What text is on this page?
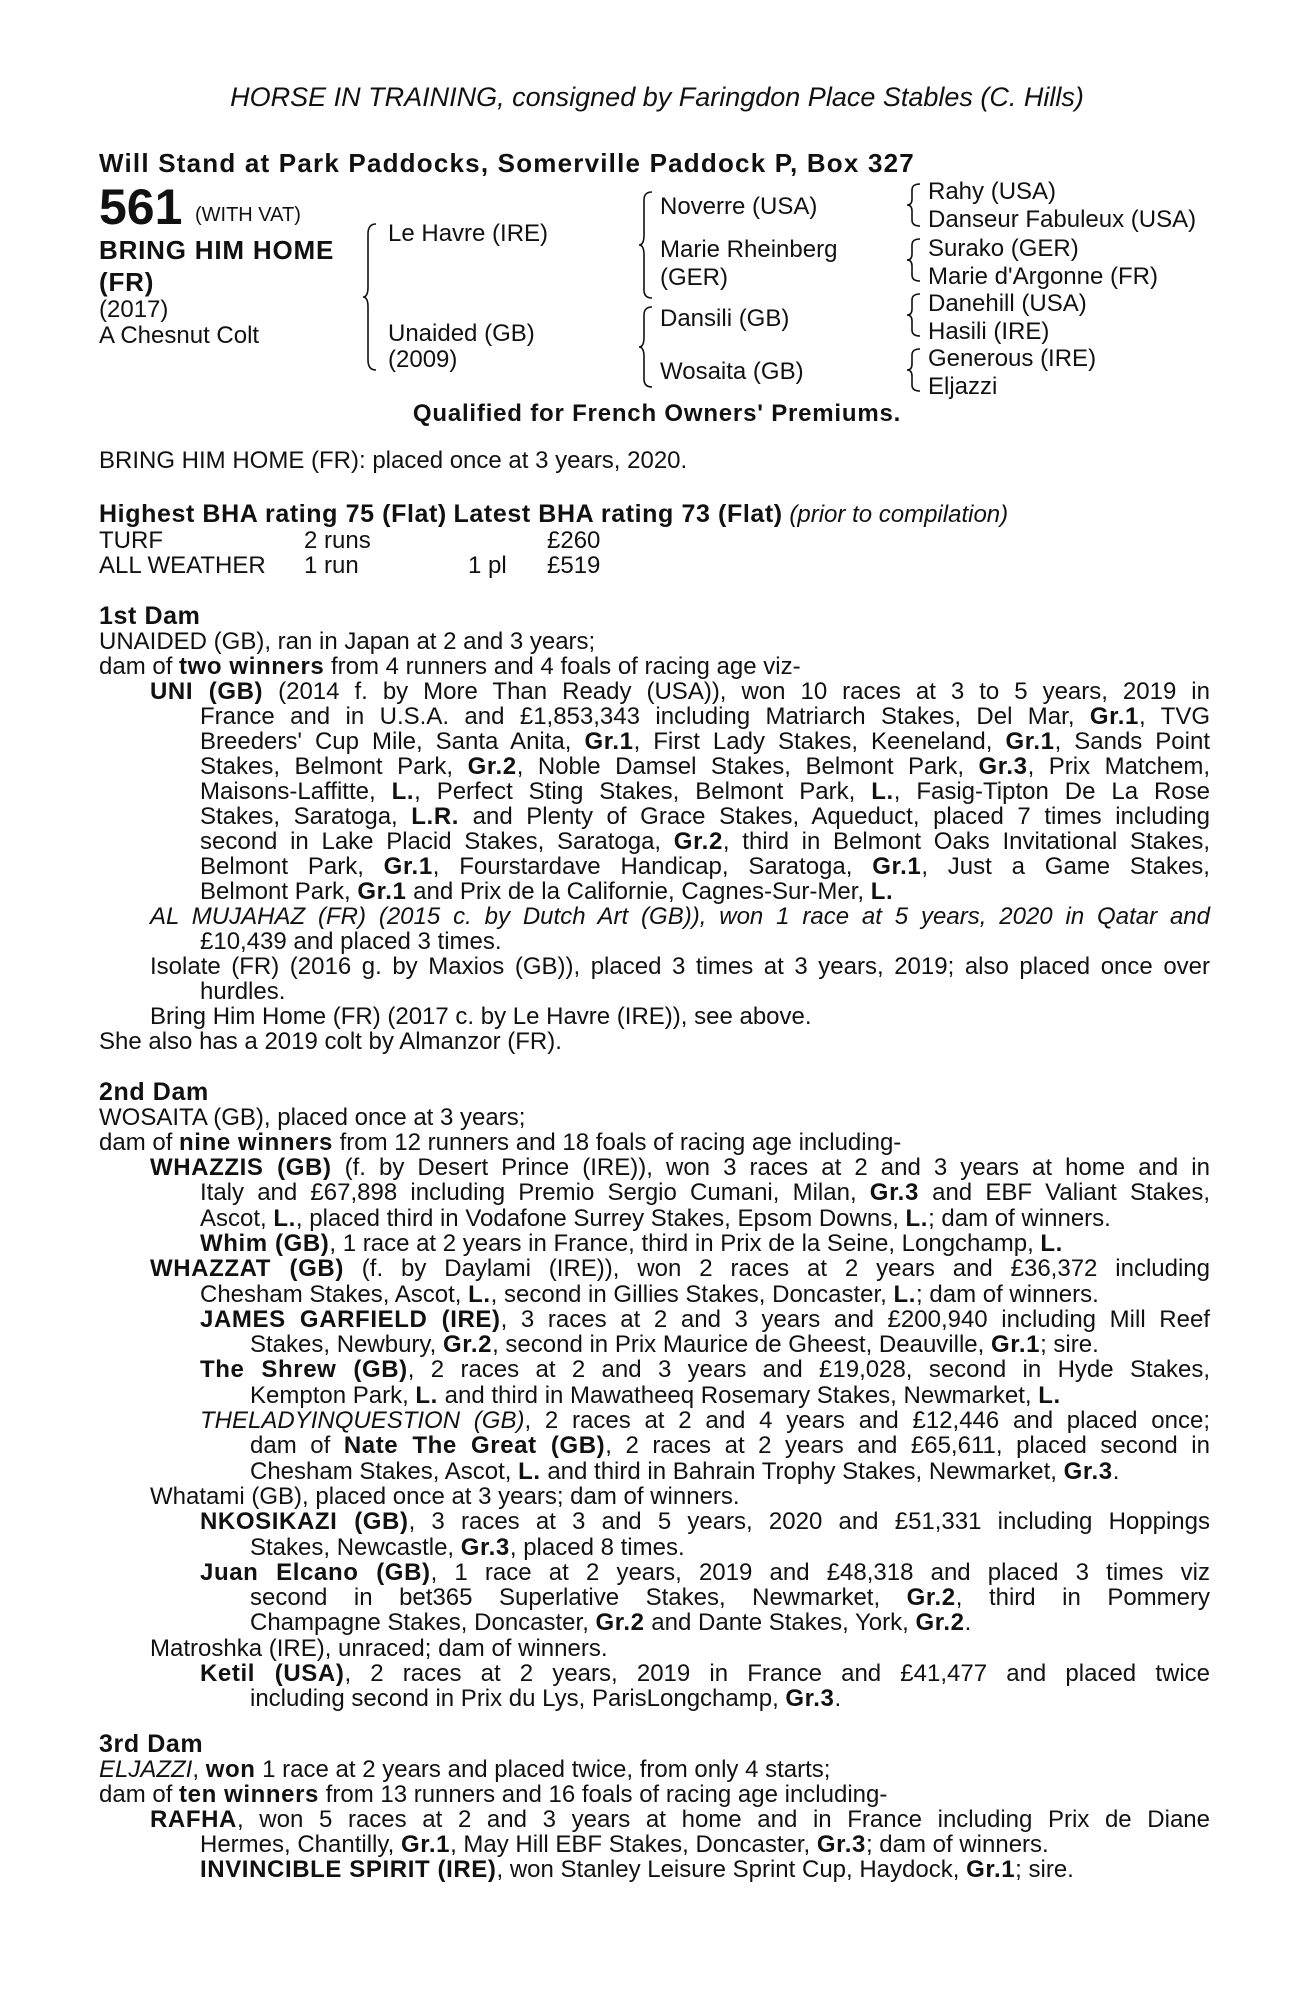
HORSE IN TRAINING, consigned by Faringdon Place Stables (C. Hills)
Will Stand at Park Paddocks, Somerville Paddock P, Box 327
561 (WITH VAT)
BRING HIM HOME
(FR)
(2017)
A Chesnut Colt
Le Havre (IRE)
Unaided (GB)
(2009)
Noverre (USA)
Marie Rheinberg
(GER)
Dansili (GB)
Wosaita (GB)
Rahy (USA)
Danseur Fabuleux (USA)
Surako (GER)
Marie d'Argonne (FR)
Danehill (USA)
Hasili (IRE)
Generous (IRE)
Eljazzi
Qualified for French Owners' Premiums.
BRING HIM HOME (FR): placed once at 3 years, 2020.
Highest BHA rating 75 (Flat) Latest BHA rating 73 (Flat) (prior to compilation)
TURF	2 runs	£260
ALL WEATHER 1 run	1 pl £519
1st Dam
UNAIDED (GB), ran in Japan at 2 and 3 years;
dam of two winners from 4 runners and 4 foals of racing age viz-
UNI (GB) (2014 f. by More Than Ready (USA)), won 10 races at 3 to 5 years, 2019 in
France and in U.S.A. and £1,853,343 including Matriarch Stakes, Del Mar, Gr.1, TVG
Breeders' Cup Mile, Santa Anita, Gr.1, First Lady Stakes, Keeneland, Gr.1, Sands Point
Stakes, Belmont Park, Gr.2, Noble Damsel Stakes, Belmont Park, Gr.3, Prix Matchem,
Maisons-Laffitte, L., Perfect Sting Stakes, Belmont Park, L., Fasig-Tipton De La Rose
Stakes, Saratoga, L.R. and Plenty of Grace Stakes, Aqueduct, placed 7 times including
second in Lake Placid Stakes, Saratoga, Gr.2, third in Belmont Oaks Invitational Stakes,
Belmont Park, Gr.1, Fourstardave Handicap, Saratoga, Gr.1, Just a Game Stakes,
Belmont Park, Gr.1 and Prix de la Californie, Cagnes-Sur-Mer, L.
AL MUJAHAZ (FR) (2015 c. by Dutch Art (GB)), won 1 race at 5 years, 2020 in Qatar and
£10,439 and placed 3 times.
Isolate (FR) (2016 g. by Maxios (GB)), placed 3 times at 3 years, 2019; also placed once over
hurdles.
Bring Him Home (FR) (2017 c. by Le Havre (IRE)), see above.
She also has a 2019 colt by Almanzor (FR).
2nd Dam
WOSAITA (GB), placed once at 3 years;
dam of nine winners from 12 runners and 18 foals of racing age including-
WHAZZIS (GB) (f. by Desert Prince (IRE)), won 3 races at 2 and 3 years at home and in
Italy and £67,898 including Premio Sergio Cumani, Milan, Gr.3 and EBF Valiant Stakes,
Ascot, L., placed third in Vodafone Surrey Stakes, Epsom Downs, L.; dam of winners.
Whim (GB), 1 race at 2 years in France, third in Prix de la Seine, Longchamp, L.
WHAZZAT (GB) (f. by Daylami (IRE)), won 2 races at 2 years and £36,372 including
Chesham Stakes, Ascot, L., second in Gillies Stakes, Doncaster, L.; dam of winners.
JAMES GARFIELD (IRE), 3 races at 2 and 3 years and £200,940 including Mill Reef
Stakes, Newbury, Gr.2, second in Prix Maurice de Gheest, Deauville, Gr.1; sire.
The Shrew (GB), 2 races at 2 and 3 years and £19,028, second in Hyde Stakes,
Kempton Park, L. and third in Mawatheeq Rosemary Stakes, Newmarket, L.
THELADYINQUESTION (GB), 2 races at 2 and 4 years and £12,446 and placed once;
dam of Nate The Great (GB), 2 races at 2 years and £65,611, placed second in
Chesham Stakes, Ascot, L. and third in Bahrain Trophy Stakes, Newmarket, Gr.3.
Whatami (GB), placed once at 3 years; dam of winners.
NKOSIKAZI (GB), 3 races at 3 and 5 years, 2020 and £51,331 including Hoppings
Stakes, Newcastle, Gr.3, placed 8 times.
Juan Elcano (GB), 1 race at 2 years, 2019 and £48,318 and placed 3 times viz
second in bet365 Superlative Stakes, Newmarket, Gr.2, third in Pommery
Champagne Stakes, Doncaster, Gr.2 and Dante Stakes, York, Gr.2.
Matroshka (IRE), unraced; dam of winners.
Ketil (USA), 2 races at 2 years, 2019 in France and £41,477 and placed twice
including second in Prix du Lys, ParisLongchamp, Gr.3.
3rd Dam
ELJAZZI, won 1 race at 2 years and placed twice, from only 4 starts;
dam of ten winners from 13 runners and 16 foals of racing age including-
RAFHA, won 5 races at 2 and 3 years at home and in France including Prix de Diane
Hermes, Chantilly, Gr.1, May Hill EBF Stakes, Doncaster, Gr.3; dam of winners.
INVINCIBLE SPIRIT (IRE), won Stanley Leisure Sprint Cup, Haydock, Gr.1; sire.
